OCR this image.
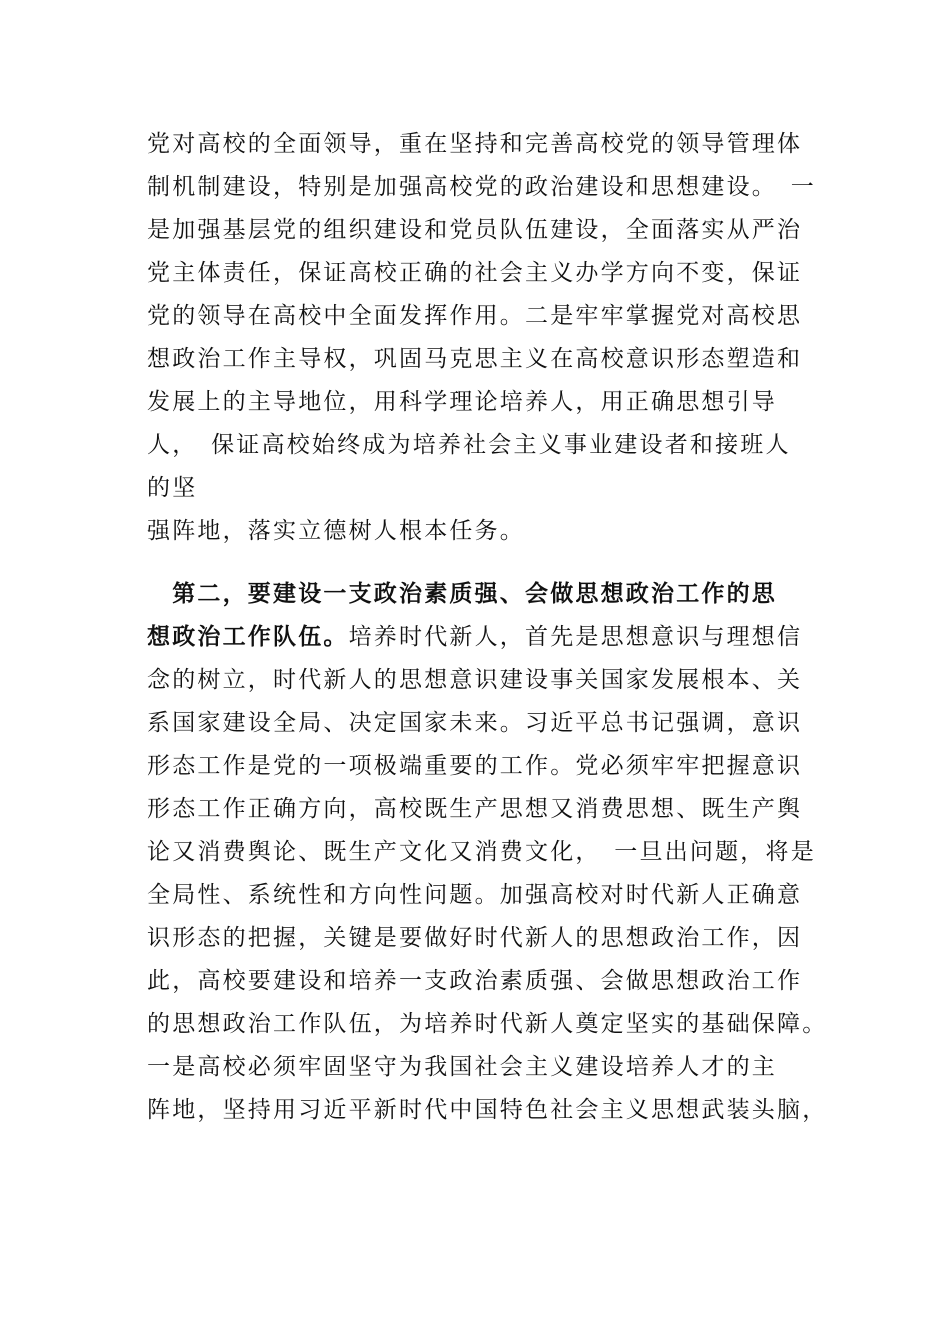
党对高校的全面领导，重在坚持和完善高校党的领导管理体
制机制建设，特别是加强高校党的政治建设和思想建设。　一
是加强基层党的组织建设和党员队伍建设，全面落实从严治
党主体责任，保证高校正确的社会主义办学方向不变，保证
党的领导在高校中全面发挥作用。二是牢牢掌握党对高校思
想政治工作主导权，巩固马克思主义在高校意识形态塑造和
发展上的主导地位，用科学理论培养人，用正确思想引导
人，　保证高校始终成为培养社会主义事业建设者和接班人
的坚
强阵地，落实立德树人根本任务。
　第二，要建设一支政治素质强、会做思想政治工作的思
想政治工作队伍。培养时代新人，首先是思想意识与理想信
念的树立，时代新人的思想意识建设事关国家发展根本、关
系国家建设全局、决定国家未来。习近平总书记强调，意识
形态工作是党的一项极端重要的工作。党必须牢牢把握意识
形态工作正确方向，高校既生产思想又消费思想、既生产舆
论又消费舆论、既生产文化又消费文化，　一旦出问题，将是
全局性、系统性和方向性问题。加强高校对时代新人正确意
识形态的把握，关键是要做好时代新人的思想政治工作，因
此，高校要建设和培养一支政治素质强、会做思想政治工作
的思想政治工作队伍，为培养时代新人奠定坚实的基础保障。
一是高校必须牢固坚守为我国社会主义建设培养人才的主
阵地，坚持用习近平新时代中国特色社会主义思想武装头脑，
